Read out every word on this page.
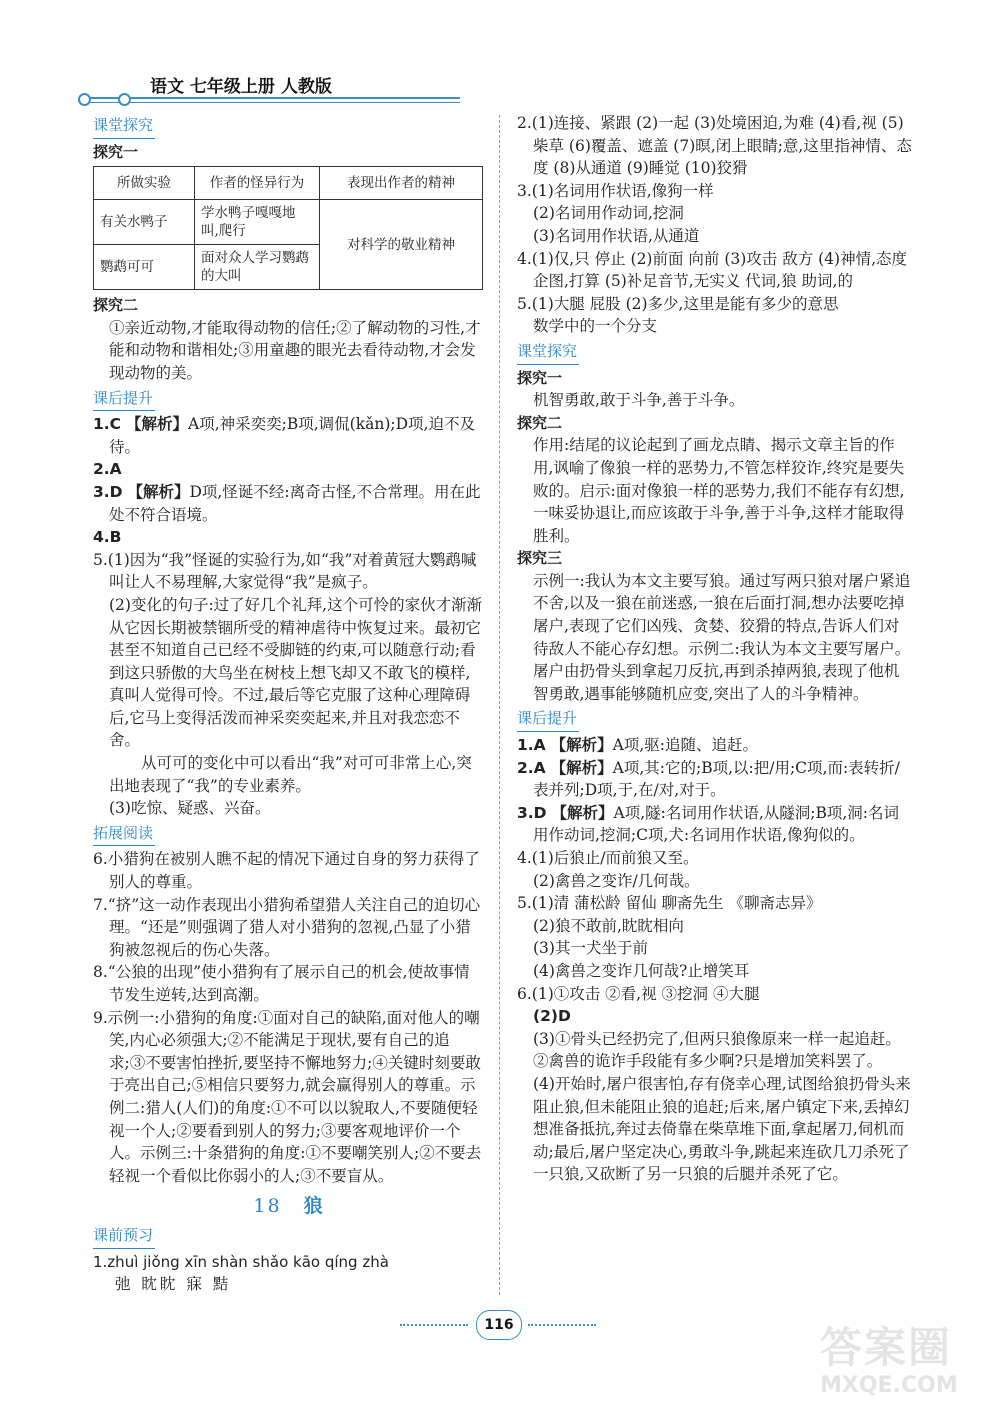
语文 七年级上册 人教版
课堂探究
探究一
所做实验	作者的怪异行为	表现出作者的精神
有关水鸭子	学水鸭子嘎嘎地叫,爬行	对科学的敬业精神
鹦鹉可可	面对众人学习鹦鹉的大叫	
探究二

①亲近动物,才能取得动物的信任;②了解动物的习性,才能和动物和谐相处;③用童趣的眼光去看待动物,才会发现动物的美。

课后提升

1.C 【解析】A项,神采奕奕;B项,调侃(kǎn);D项,迫不及待。

2.A

3.D 【解析】D项,怪诞不经:离奇古怪,不合常理。用在此处不符合语境。

4.B

5.(1)因为“我”怪诞的实验行为,如“我”对着黄冠大鹦鹉喊叫让人不易理解,大家觉得“我”是疯子。

(2)变化的句子:过了好几个礼拜,这个可怜的家伙才渐渐从它因长期被禁锢所受的精神虐待中恢复过来。最初它甚至不知道自己已经不受脚链的约束,可以随意行动;看到这只骄傲的大鸟坐在树枝上想飞却又不敢飞的模样,真叫人觉得可怜。不过,最后等它克服了这种心理障碍后,它马上变得活泼而神采奕奕起来,并且对我恋恋不舍。

从可可的变化中可以看出“我”对可可非常上心,突出地表现了“我”的专业素养。

(3)吃惊、疑惑、兴奋。

拓展阅读

6.小猎狗在被别人瞧不起的情况下通过自身的努力获得了别人的尊重。

7.“挤”这一动作表现出小猎狗希望猎人关注自己的迫切心理。“还是”则强调了猎人对小猎狗的忽视,凸显了小猎狗被忽视后的伤心失落。

8.“公狼的出现”使小猎狗有了展示自己的机会,使故事情节发生逆转,达到高潮。

9.示例一:小猎狗的角度:①面对自己的缺陷,面对他人的嘲笑,内心必须强大;②不能满足于现状,要有自己的追求;③不要害怕挫折,要坚持不懈地努力;④关键时刻要敢于亮出自己;⑤相信只要努力,就会赢得别人的尊重。示例二:猎人(人们)的角度:①不可以以貌取人,不要随便轻视一个人;②要看到别人的努力;③要客观地评价一个人。示例三:十条猎狗的角度:①不要嘲笑别人;②不要去轻视一个看似比你弱小的人;③不要盲从。

18 狼
课前预习

1.zhuì jiǒng xīn shàn shǎo kāo qíng zhà

弛 眈眈 寐 黠

2.(1)连接、紧跟 (2)一起 (3)处境困迫,为难 (4)看,视 (5)柴草 (6)覆盖、遮盖 (7)暝,闭上眼睛;意,这里指神情、态度 (8)从通道 (9)睡觉 (10)狡猾

3.(1)名词用作状语,像狗一样

(2)名词用作动词,挖洞

(3)名词用作状语,从通道

4.(1)仅,只 停止 (2)前面 向前 (3)攻击 敌方 (4)神情,态度 企图,打算 (5)补足音节,无实义 代词,狼 助词,的

5.(1)大腿 屁股 (2)多少,这里是能有多少的意思

数学中的一个分支

课堂探究
探究一

机智勇敢,敢于斗争,善于斗争。

探究二

作用:结尾的议论起到了画龙点睛、揭示文章主旨的作用,讽喻了像狼一样的恶势力,不管怎样狡诈,终究是要失败的。启示:面对像狼一样的恶势力,我们不能存有幻想,一味妥协退让,而应该敢于斗争,善于斗争,这样才能取得胜利。

探究三

示例一:我认为本文主要写狼。通过写两只狼对屠户紧追不舍,以及一狼在前迷惑,一狼在后面打洞,想办法要吃掉屠户,表现了它们凶残、贪婪、狡猾的特点,告诉人们对待敌人不能心存幻想。示例二:我认为本文主要写屠户。屠户由扔骨头到拿起刀反抗,再到杀掉两狼,表现了他机智勇敢,遇事能够随机应变,突出了人的斗争精神。

课后提升

1.A 【解析】A项,驱:追随、追赶。

2.A 【解析】A项,其:它的;B项,以:把/用;C项,而:表转折/表并列;D项,于,在/对,对于。

3.D 【解析】A项,隧:名词用作状语,从隧洞;B项,洞:名词用作动词,挖洞;C项,犬:名词用作状语,像狗似的。

4.(1)后狼止/而前狼又至。

(2)禽兽之变诈/几何哉。

5.(1)清 蒲松龄 留仙 聊斋先生 《聊斋志异》

(2)狼不敢前,眈眈相向

(3)其一犬坐于前

(4)禽兽之变诈几何哉?止增笑耳

6.(1)①攻击 ②看,视 ③挖洞 ④大腿

(2)D

(3)①骨头已经扔完了,但两只狼像原来一样一起追赶。②禽兽的诡诈手段能有多少啊?只是增加笑料罢了。

(4)开始时,屠户很害怕,存有侥幸心理,试图给狼扔骨头来阻止狼,但未能阻止狼的追赶;后来,屠户镇定下来,丢掉幻想准备抵抗,奔过去倚靠在柴草堆下面,拿起屠刀,伺机而动;最后,屠户坚定决心,勇敢斗争,跳起来连砍几刀杀死了一只狼,又砍断了另一只狼的后腿并杀死了它。

116	答案圈
MXQE.COM
